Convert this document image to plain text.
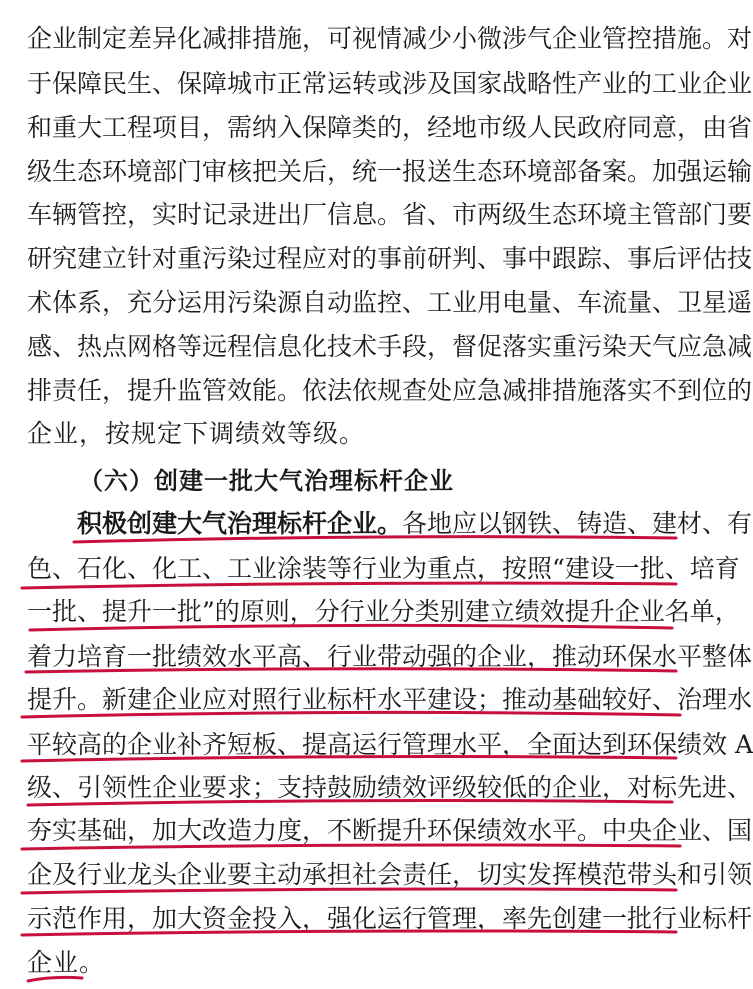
企业制定差异化减排措施，可视情减少小微涉气企业管控措施。对
于保障民生、保障城市正常运转或涉及国家战略性产业的工业企业
和重大工程项目，需纳入保障类的，经地市级人民政府同意，由省
级生态环境部门审核把关后，统一报送生态环境部备案。加强运输
车辆管控，实时记录进出厂信息。省、市两级生态环境主管部门要
研究建立针对重污染过程应对的事前研判、事中跟踪、事后评估技
术体系，充分运用污染源自动监控、工业用电量、车流量、卫星遥
感、热点网格等远程信息化技术手段，督促落实重污染天气应急减
排责任，提升监管效能。依法依规查处应急减排措施落实不到位的
企业，按规定下调绩效等级。
（六）创建一批大气治理标杆企业
积极创建大气治理标杆企业。各地应以钢铁、铸造、建材、有
色、石化、化工、工业涂装等行业为重点，按照“建设一批、培育
一批、提升一批”的原则，分行业分类别建立绩效提升企业名单，
着力培育一批绩效水平高、行业带动强的企业，推动环保水平整体
提升。新建企业应对照行业标杆水平建设；推动基础较好、治理水
平较高的企业补齐短板、提高运行管理水平，全面达到环保绩效 A
级、引领性企业要求；支持鼓励绩效评级较低的企业，对标先进、
夯实基础，加大改造力度，不断提升环保绩效水平。中央企业、国
企及行业龙头企业要主动承担社会责任，切实发挥模范带头和引领
示范作用，加大资金投入，强化运行管理，率先创建一批行业标杆
企业。
